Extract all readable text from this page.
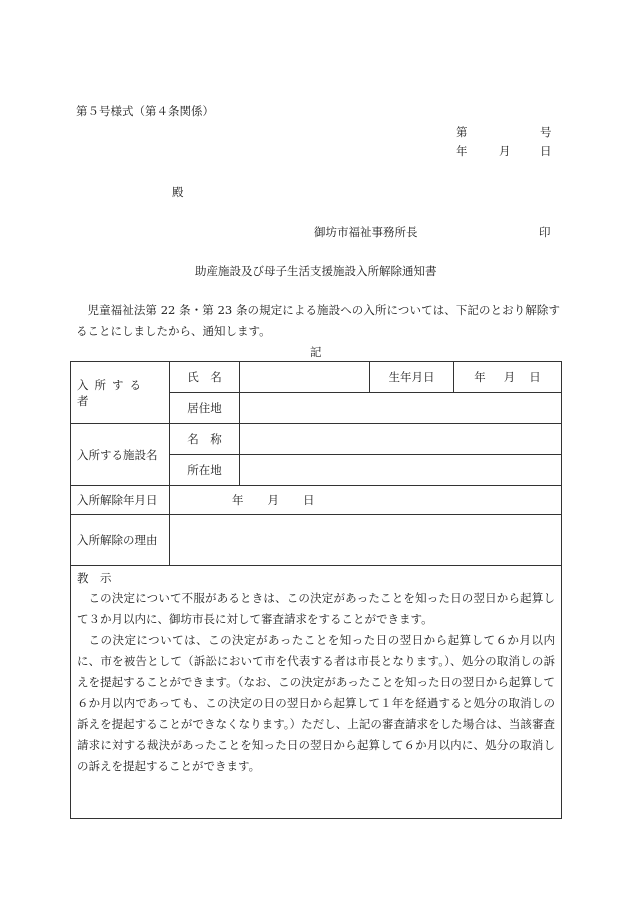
第５号様式（第４条関係）
第	号
年	月	日
殿
御坊市福祉事務所長	印
助産施設及び母子生活支援施設入所解除通知書

児童福祉法第 22 条・第 23 条の規定による施設への入所については、下記のとおり解除することにしましたから、通知します。

記
入所する者	氏　名		生年月日	年 月 日
	居住地			
入所する施設名	名　称			
	所在地			
入所解除年月日	年 月 日			
入所解除の理由				

教　示

この決定について不服があるときは、この決定があったことを知った日の翌日から起算して３か月以内に、御坊市長に対して審査請求をすることができます。

この決定については、この決定があったことを知った日の翌日から起算して６か月以内に、市を被告として（訴訟において市を代表する者は市長となります。）、処分の取消しの訴えを提起することができます。（なお、この決定があったことを知った日の翌日から起算して６か月以内であっても、この決定の日の翌日から起算して１年を経過すると処分の取消しの訴えを提起することができなくなります。）ただし、上記の審査請求をした場合は、当該審査請求に対する裁決があったことを知った日の翌日から起算して６か月以内に、処分の取消しの訴えを提起することができます。				
